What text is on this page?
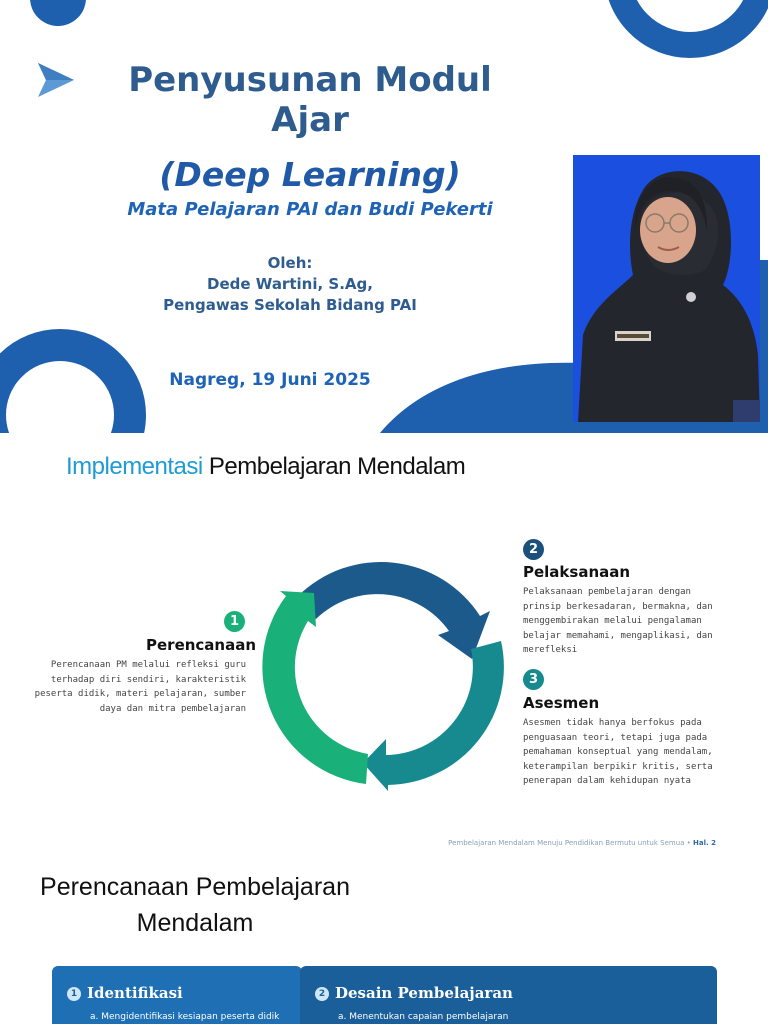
Penyusunan Modul
Ajar
(Deep Learning)
Mata Pelajaran PAI dan Budi Pekerti
Oleh:
Dede Wartini, S.Ag,
Pengawas Sekolah Bidang PAI
Nagreg, 19 Juni 2025
Implementasi Pembelajaran Mendalam
1
Perencanaan
Perencanaan PM melalui refleksi guru
terhadap diri sendiri, karakteristik
peserta didik, materi pelajaran, sumber
daya dan mitra pembelajaran
2
Pelaksanaan
Pelaksanaan pembelajaran dengan
prinsip berkesadaran, bermakna, dan
menggembirakan melalui pengalaman
belajar memahami, mengaplikasi, dan
merefleksi
3
Asesmen
Asesmen tidak hanya berfokus pada
penguasaan teori, tetapi juga pada
pemahaman konseptual yang mendalam,
keterampilan berpikir kritis, serta
penerapan dalam kehidupan nyata
Pembelajaran Mendalam Menuju Pendidikan Bermutu untuk Semua • Hal. 2
Perencanaan Pembelajaran
Mendalam
1 Identifikasi
a. Mengidentifikasi kesiapan peserta didik
2 Desain Pembelajaran
a. Menentukan capaian pembelajaran
